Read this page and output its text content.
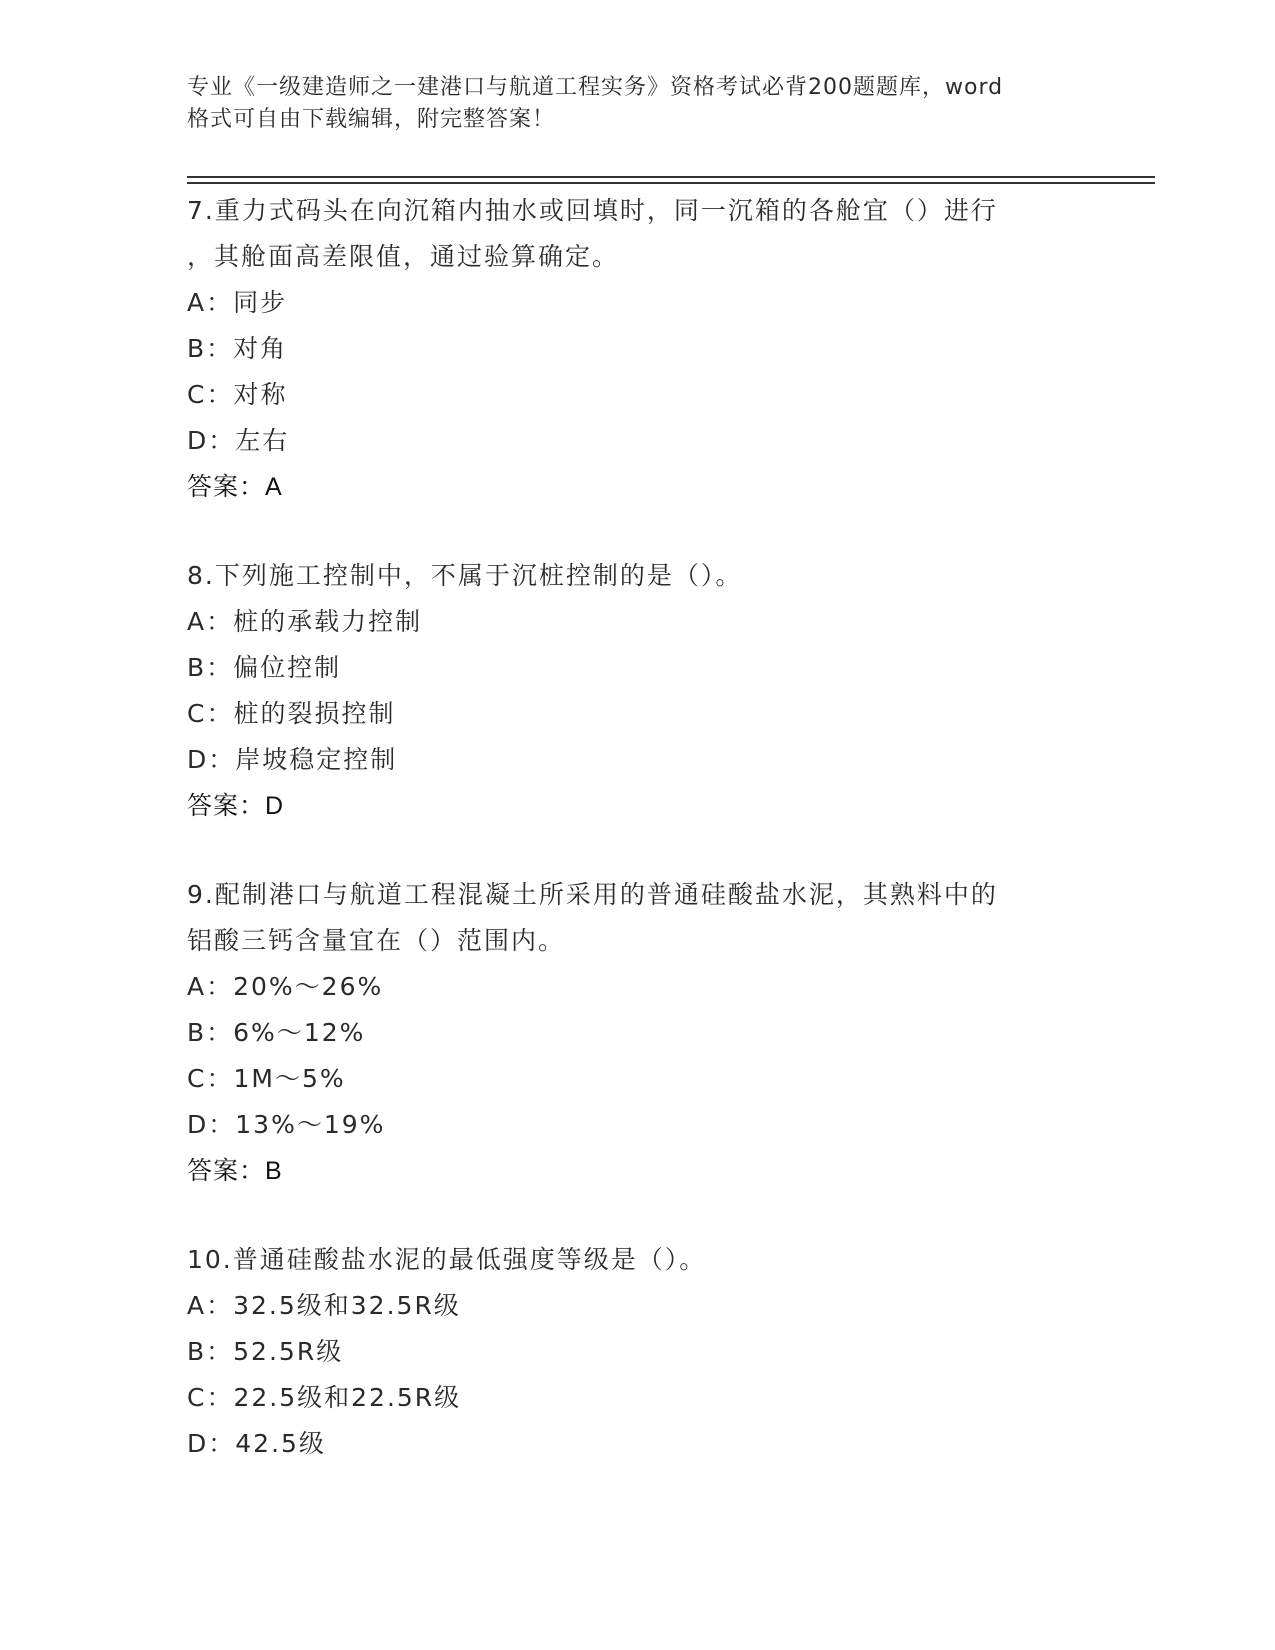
专业《一级建造师之一建港口与航道工程实务》资格考试必背200题题库，word
格式可自由下载编辑，附完整答案！

7.重力式码头在向沉箱内抽水或回填时，同一沉箱的各舱宜（）进行

，其舱面高差限值，通过验算确定。

A：同步

B：对角

C：对称

D：左右

答案：A

8.下列施工控制中，不属于沉桩控制的是（）。

A：桩的承载力控制

B：偏位控制

C：桩的裂损控制

D：岸坡稳定控制

答案：D

9.配制港口与航道工程混凝土所采用的普通硅酸盐水泥，其熟料中的

铝酸三钙含量宜在（）范围内。

A：20%～26%

B：6%～12%

C：1M～5%

D：13%～19%

答案：B

10.普通硅酸盐水泥的最低强度等级是（）。

A：32.5级和32.5R级

B：52.5R级

C：22.5级和22.5R级

D：42.5级
